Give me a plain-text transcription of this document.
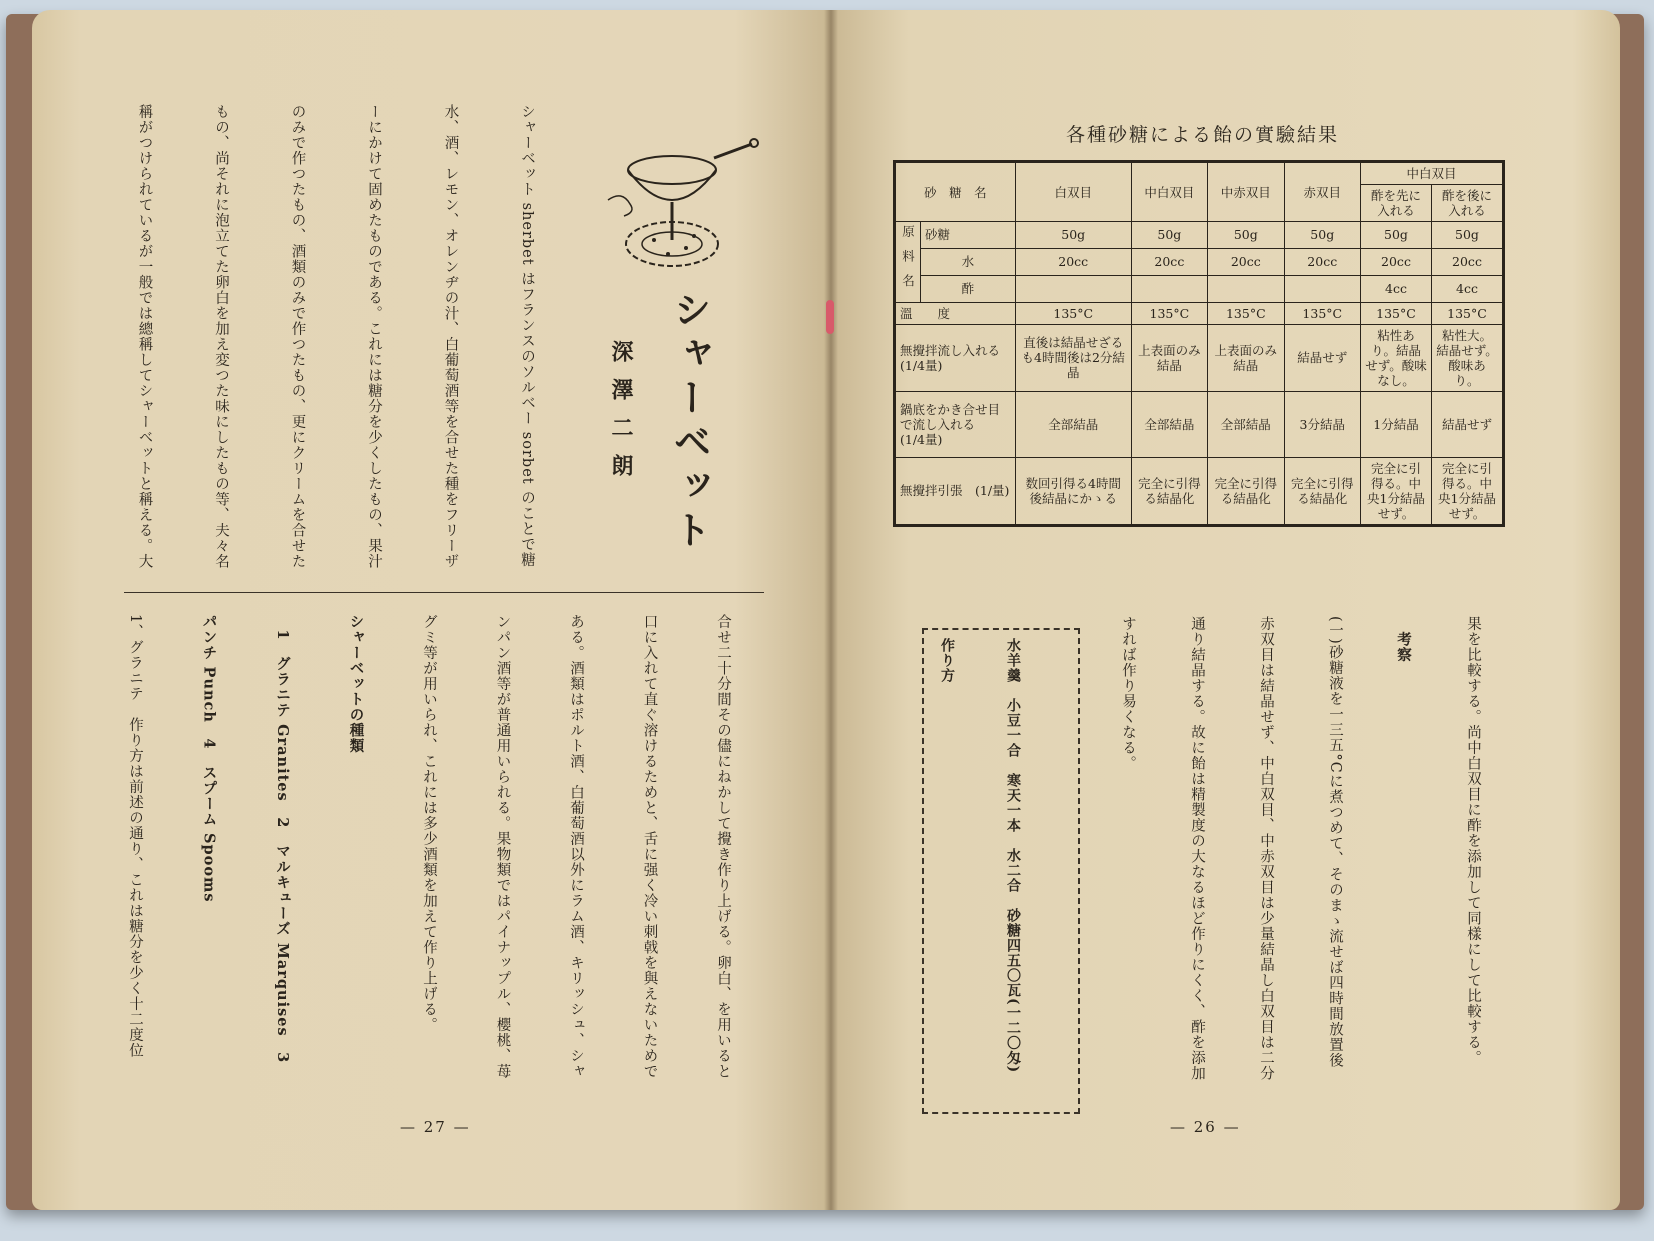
シャーベット
深澤二朗

シャーベット sherbet はフランスのソルベー sorbet のことで糖

水、酒、レモン、オレンヂの汁、白葡萄酒等を合せた種をフリーザ

ーにかけて固めたものである。これには糖分を少くしたもの、果汁

のみで作つたもの、酒類のみで作つたもの、更にクリームを合せた

もの、尚それに泡立てた卵白を加え変つた味にしたもの等、夫々名

稱がつけられているが一般では總稱してシャーベットと稱える。大

合せ二十分間その儘にねかして攪き作り上げる。卵白、を用いると

口に入れて直ぐ溶けるためと、舌に强く冷い刺戟を與えないためで

ある。酒類はポルト酒、白葡萄酒以外にラム酒、キリッシュ、シャ

ンパン酒等が普通用いられる。果物類ではパイナップル、櫻桃、苺

グミ等が用いられ、これには多少酒類を加えて作り上げる。

シャーベットの種類

　1　グラニテ Granites　2　マルキューズ Marquises　3

パンチ Punch　4　スプーム Spooms

1、グラニテ　作り方は前述の通り、これは糖分を少く十二度位

— 27 —
各種砂糖による飴の實驗結果
砂　糖　名		白双目	中白双目	中赤双目	赤双目	中白双目	
						酢を先に入れる	酢を後に入れる
原料名	砂糖	50g	50g	50g	50g	50g	50g
	水	20cc	20cc	20cc	20cc	20cc	20cc
	酢					4cc	4cc
溫　　度		135°C	135°C	135°C	135°C	135°C	135°C
無攪拌流し入れる　(1/4量)		直後は結晶せざるも4時間後は2分結晶	上表面のみ結晶	上表面のみ結晶	結晶せず	粘性あり。結晶せず。酸味なし。	粘性大。結晶せず。酸味あり。
鍋底をかき合せ目で流し入れる　(1/4量)		全部結晶	全部結晶	全部結晶	3分結晶	1分結晶	結晶せず
無攪拌引張　(1/量)		数回引得る4時間後結晶にかゝる	完全に引得る結晶化	完全に引得る結晶化	完全に引得る結晶化	完全に引得る。中央1分結晶せず。	完全に引得る。中央1分結晶せず。

果を比較する。尚中白双目に酢を添加して同樣にして比較する。

　考察

(一)砂糖液を一三五°Cに煮つめて、そのまゝ流せば四時間放置後

赤双目は結晶せず、中白双目、中赤双目は少量結晶し白双目は二分

通り結晶する。故に飴は精製度の大なるほど作りにくく、酢を添加

すれば作り易くなる。

水羊羹　小豆一合　寒天一本　水二合　砂糖四五〇瓦(一二〇匁)

作り方

— 26 —
